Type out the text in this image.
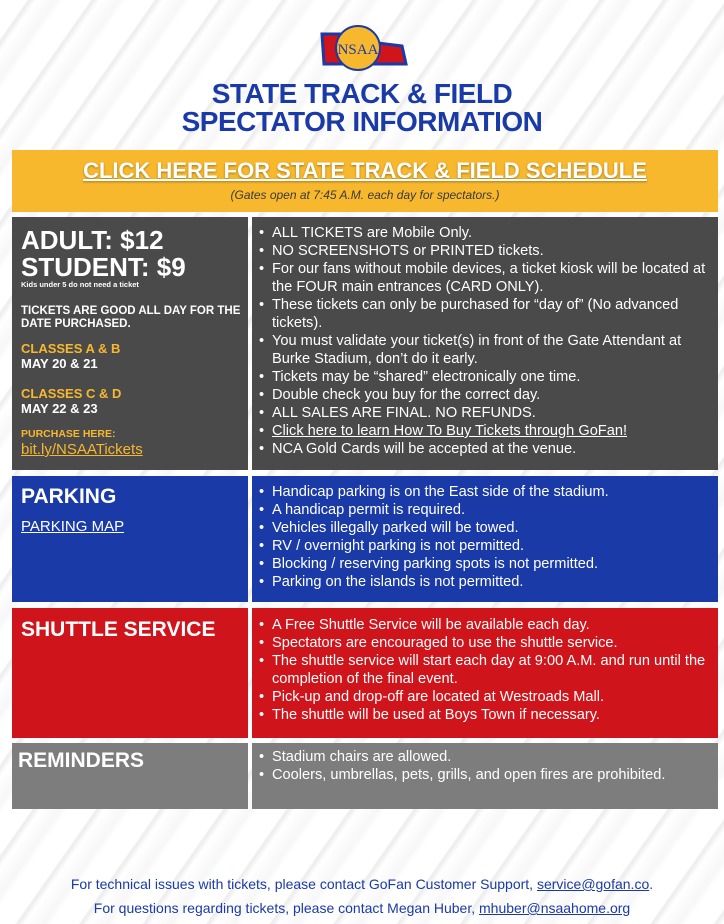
NSAA
STATE TRACK & FIELD
SPECTATOR INFORMATION
CLICK HERE FOR STATE TRACK & FIELD SCHEDULE
(Gates open at 7:45 A.M. each day for spectators.)
ADULT: $12
STUDENT: $9
Kids under 5 do not need a ticket
TICKETS ARE GOOD ALL DAY FOR THE DATE PURCHASED.
CLASSES A & B
MAY 20 & 21
CLASSES C & D
MAY 22 & 23
PURCHASE HERE:
bit.ly/NSAATickets
• ALL TICKETS are Mobile Only.
• NO SCREENSHOTS or PRINTED tickets.
• For our fans without mobile devices, a ticket kiosk will be located at the FOUR main entrances (CARD ONLY).
• These tickets can only be purchased for “day of” (No advanced tickets).
• You must validate your ticket(s) in front of the Gate Attendant at Burke Stadium, don’t do it early.
• Tickets may be “shared” electronically one time.
• Double check you buy for the correct day.
• ALL SALES ARE FINAL. NO REFUNDS.
• Click here to learn How To Buy Tickets through GoFan!
• NCA Gold Cards will be accepted at the venue.
PARKING
PARKING MAP
• Handicap parking is on the East side of the stadium.
• A handicap permit is required.
• Vehicles illegally parked will be towed.
• RV / overnight parking is not permitted.
• Blocking / reserving parking spots is not permitted.
• Parking on the islands is not permitted.
SHUTTLE SERVICE	• A Free Shuttle Service will be available each day.
• Spectators are encouraged to use the shuttle service.
• The shuttle service will start each day at 9:00 A.M. and run until the completion of the final event.
• Pick-up and drop-off are located at Westroads Mall.
• The shuttle will be used at Boys Town if necessary.
REMINDERS	• Stadium chairs are allowed.
• Coolers, umbrellas, pets, grills, and open fires are prohibited.
For technical issues with tickets, please contact GoFan Customer Support, service@gofan.co.
For questions regarding tickets, please contact Megan Huber, mhuber@nsaahome.org
